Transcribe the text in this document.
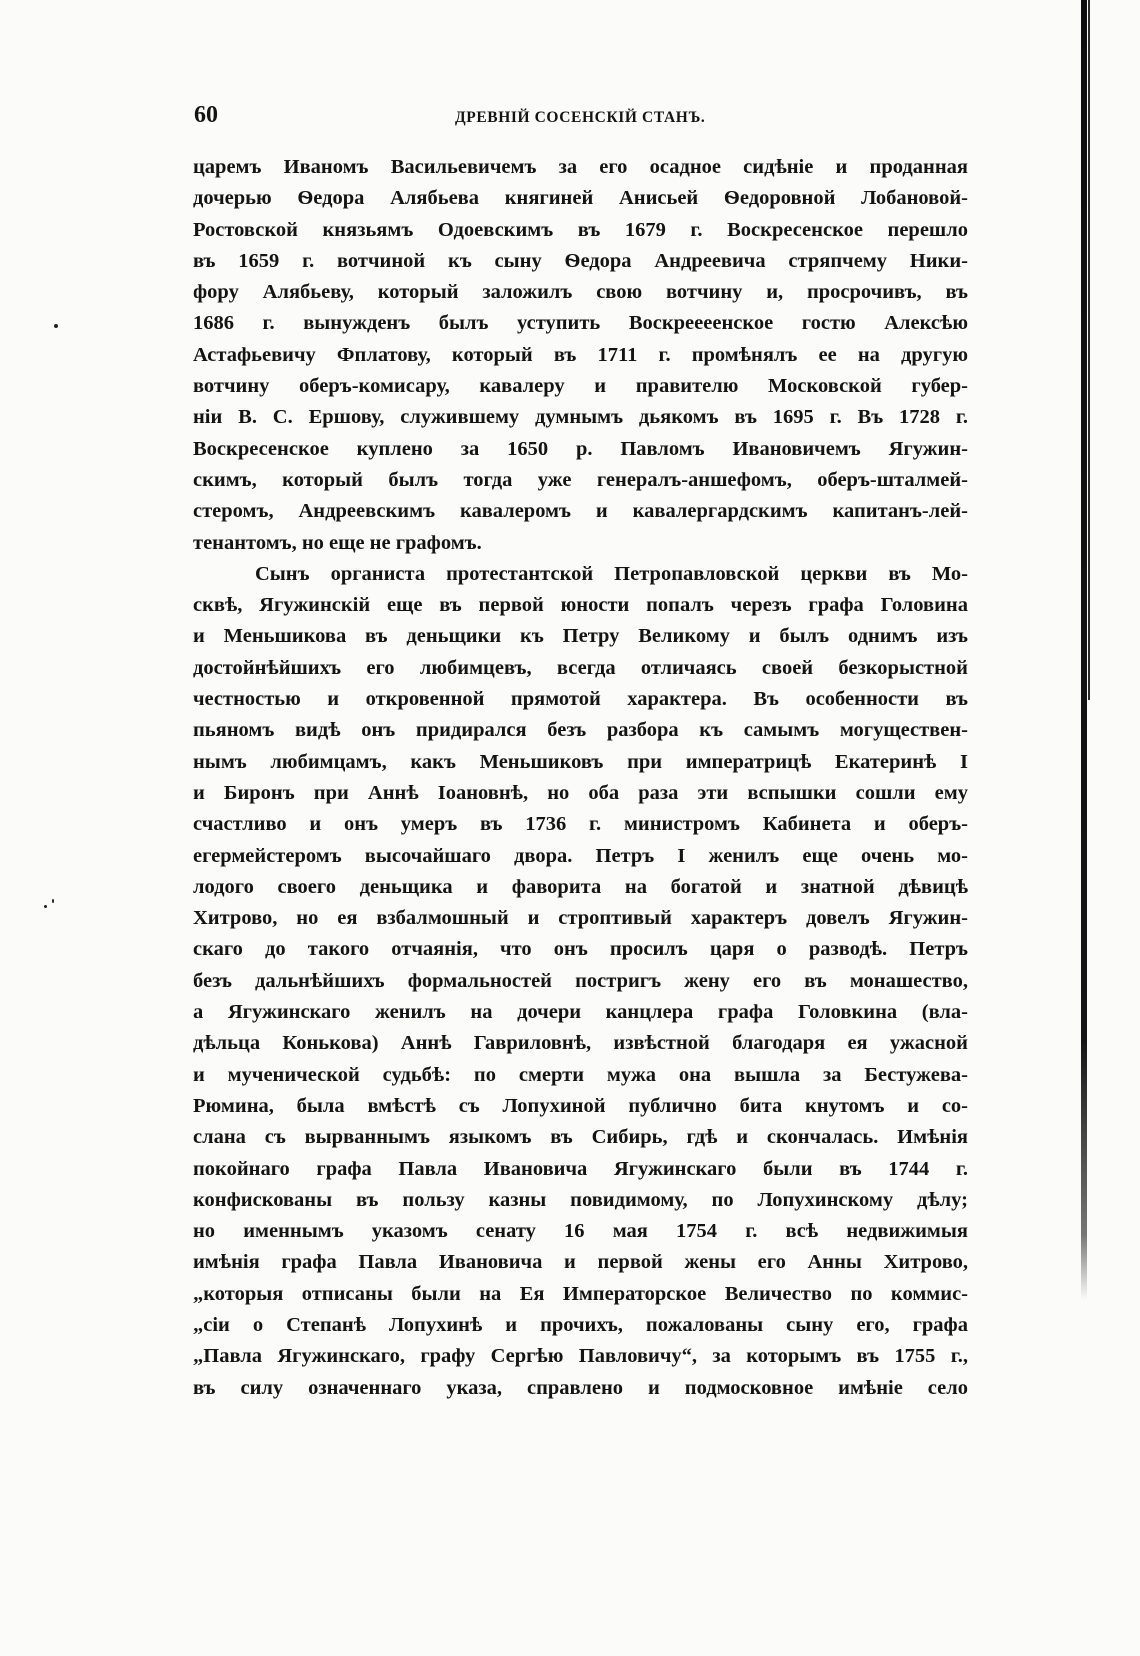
60	ДРЕВНІЙ СОСЕНСКІЙ СТАНЪ.
царемъ Иваномъ Васильевичемъ за его осадное сидѣніе и проданная
дочерью Ѳедора Алябьева княгиней Анисьей Ѳедоровной Лобановой-
Ростовской князьямъ Одоевскимъ въ 1679 г. Воскресенское перешло
въ 1659 г. вотчиной къ сыну Ѳедора Андреевича стряпчему Ники-
фору Алябьеву, который заложилъ свою вотчину и, просрочивъ, въ
1686 г. вынужденъ былъ уступить Воскреееенское гостю Алексѣю
Астафьевичу Фплатову, который въ 1711 г. промѣнялъ ее на другую
вотчину оберъ-комисару, кавалеру и правителю Московской губер-
ніи В. С. Ершову, служившему думнымъ дьякомъ въ 1695 г. Въ 1728 г.
Воскресенское куплено за 1650 р. Павломъ Ивановичемъ Ягужин-
скимъ, который былъ тогда уже генералъ-аншефомъ, оберъ-шталмей-
стеромъ, Андреевскимъ кавалеромъ и кавалергардскимъ капитанъ-лей-
тенантомъ, но еще не графомъ.
Сынъ органиста протестантской Петропавловской церкви въ Мо-
сквѣ, Ягужинскій еще въ первой юности попалъ черезъ графа Головина
и Меньшикова въ деньщики къ Петру Великому и былъ однимъ изъ
достойнѣйшихъ его любимцевъ, всегда отличаясь своей безкорыстной
честностью и откровенной прямотой характера. Въ особенности въ
пьяномъ видѣ онъ придирался безъ разбора къ самымъ могуществен-
нымъ любимцамъ, какъ Меньшиковъ при императрицѣ Екатеринѣ I
и Биронъ при Аннѣ Іоановнѣ, но оба раза эти вспышки сошли ему
счастливо и онъ умеръ въ 1736 г. министромъ Кабинета и оберъ-
егермейстеромъ высочайшаго двора. Петръ I женилъ еще очень мо-
лодого своего деньщика и фаворита на богатой и знатной дѣвицѣ
Хитрово, но ея взбалмошный и строптивый характеръ довелъ Ягужин-
скаго до такого отчаянія, что онъ просилъ царя о разводѣ. Петръ
безъ дальнѣйшихъ формальностей постригъ жену его въ монашество,
а Ягужинскаго женилъ на дочери канцлера графа Головкина (вла-
дѣльца Конькова) Аннѣ Гавриловнѣ, извѣстной благодаря ея ужасной
и мученической судьбѣ: по смерти мужа она вышла за Бестужева-
Рюмина, была вмѣстѣ съ Лопухиной публично бита кнутомъ и со-
слана съ вырваннымъ языкомъ въ Сибирь, гдѣ и скончалась. Имѣнія
покойнаго графа Павла Ивановича Ягужинскаго были въ 1744 г.
конфискованы въ пользу казны повидимому, по Лопухинскому дѣлу;
но именнымъ указомъ сенату 16 мая 1754 г. всѣ недвижимыя
имѣнія графа Павла Ивановича и первой жены его Анны Хитрово,
„которыя отписаны были на Ея Императорское Величество по коммис-
„сіи о Степанѣ Лопухинѣ и прочихъ, пожалованы сыну его, графа
„Павла Ягужинскаго, графу Сергѣю Павловичу“, за которымъ въ 1755 г.,
въ силу означеннаго указа, справлено и подмосковное имѣніе село
